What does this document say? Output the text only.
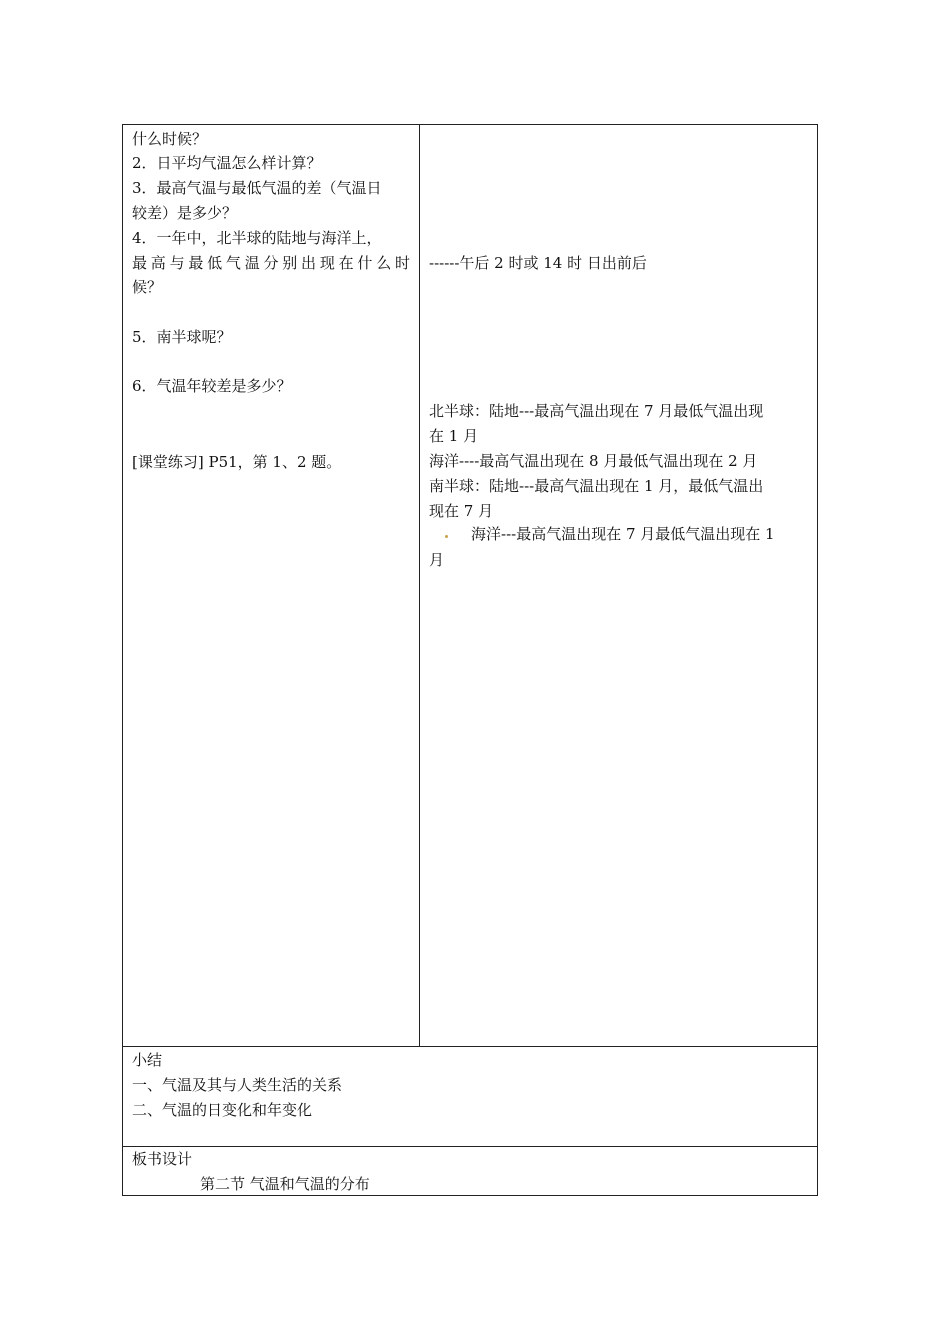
什么时候？
2．日平均气温怎么样计算？
3．最高气温与最低气温的差（气温日
较差）是多少？
4．一年中，北半球的陆地与海洋上，
最高与最低气温分别出现在什么时
候？
5．南半球呢？
6．气温年较差是多少？
[课堂练习] P51，第 1、2 题。
------午后 2 时或 14 时 日出前后
北半球：陆地---最高气温出现在 7 月最低气温出现
在 1 月
海洋----最高气温出现在 8 月最低气温出现在 2 月
南半球：陆地---最高气温出现在 1 月，最低气温出
现在 7 月
海洋---最高气温出现在 7 月最低气温出现在 1
月
小结
一、气温及其与人类生活的关系
二、气温的日变化和年变化
板书设计
第二节 气温和气温的分布
